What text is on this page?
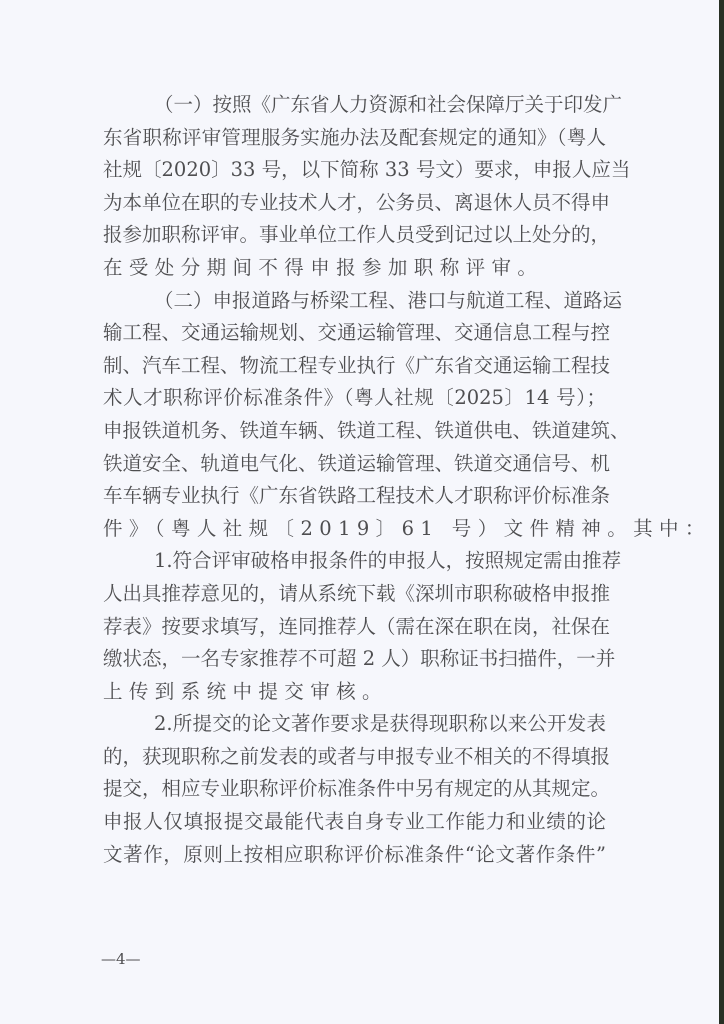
（一）按照《广东省人力资源和社会保障厅关于印发广
东省职称评审管理服务实施办法及配套规定的通知》（粤人
社规〔2020〕33 号，以下简称 33 号文）要求，申报人应当
为本单位在职的专业技术人才，公务员、离退休人员不得申
报参加职称评审。事业单位工作人员受到记过以上处分的，
在受处分期间不得申报参加职称评审。
（二）申报道路与桥梁工程、港口与航道工程、道路运
输工程、交通运输规划、交通运输管理、交通信息工程与控
制、汽车工程、物流工程专业执行《广东省交通运输工程技
术人才职称评价标准条件》（粤人社规〔2025〕14 号）；
申报铁道机务、铁道车辆、铁道工程、铁道供电、铁道建筑、
铁道安全、轨道电气化、铁道运输管理、铁道交通信号、机
车车辆专业执行《广东省铁路工程技术人才职称评价标准条
件》（粤人社规〔2019〕61 号）文件精神。其中：
1.符合评审破格申报条件的申报人，按照规定需由推荐
人出具推荐意见的，请从系统下载《深圳市职称破格申报推
荐表》按要求填写，连同推荐人（需在深在职在岗，社保在
缴状态，一名专家推荐不可超 2 人）职称证书扫描件，一并
上传到系统中提交审核。
2.所提交的论文著作要求是获得现职称以来公开发表
的，获现职称之前发表的或者与申报专业不相关的不得填报
提交，相应专业职称评价标准条件中另有规定的从其规定。
申报人仅填报提交最能代表自身专业工作能力和业绩的论
文著作，原则上按相应职称评价标准条件“论文著作条件”
—4—
